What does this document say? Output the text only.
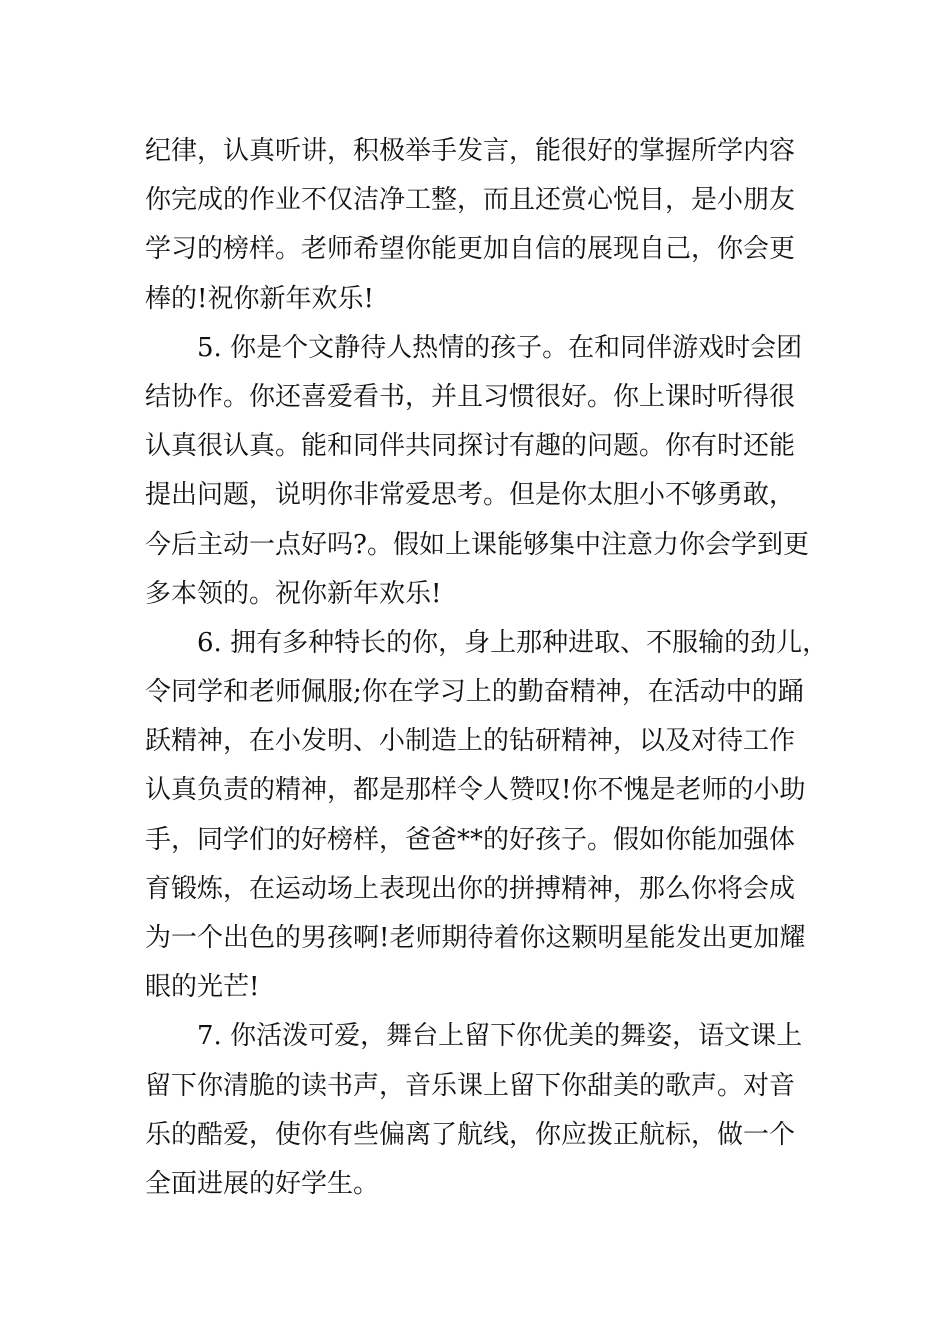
纪律，认真听讲，积极举手发言，能很好的掌握所学内容
你完成的作业不仅洁净工整，而且还赏心悦目，是小朋友
学习的榜样。老师希望你能更加自信的展现自己，你会更
棒的!祝你新年欢乐!
5. 你是个文静待人热情的孩子。在和同伴游戏时会团
结协作。你还喜爱看书，并且习惯很好。你上课时听得很
认真很认真。能和同伴共同探讨有趣的问题。你有时还能
提出问题，说明你非常爱思考。但是你太胆小不够勇敢，
今后主动一点好吗?。假如上课能够集中注意力你会学到更
多本领的。祝你新年欢乐!
6. 拥有多种特长的你，身上那种进取、不服输的劲儿，
令同学和老师佩服;你在学习上的勤奋精神，在活动中的踊
跃精神，在小发明、小制造上的钻研精神，以及对待工作
认真负责的精神，都是那样令人赞叹!你不愧是老师的小助
手，同学们的好榜样，爸爸**的好孩子。假如你能加强体
育锻炼，在运动场上表现出你的拼搏精神，那么你将会成
为一个出色的男孩啊!老师期待着你这颗明星能发出更加耀
眼的光芒!
7. 你活泼可爱，舞台上留下你优美的舞姿，语文课上
留下你清脆的读书声，音乐课上留下你甜美的歌声。对音
乐的酷爱，使你有些偏离了航线，你应拨正航标，做一个
全面进展的好学生。
